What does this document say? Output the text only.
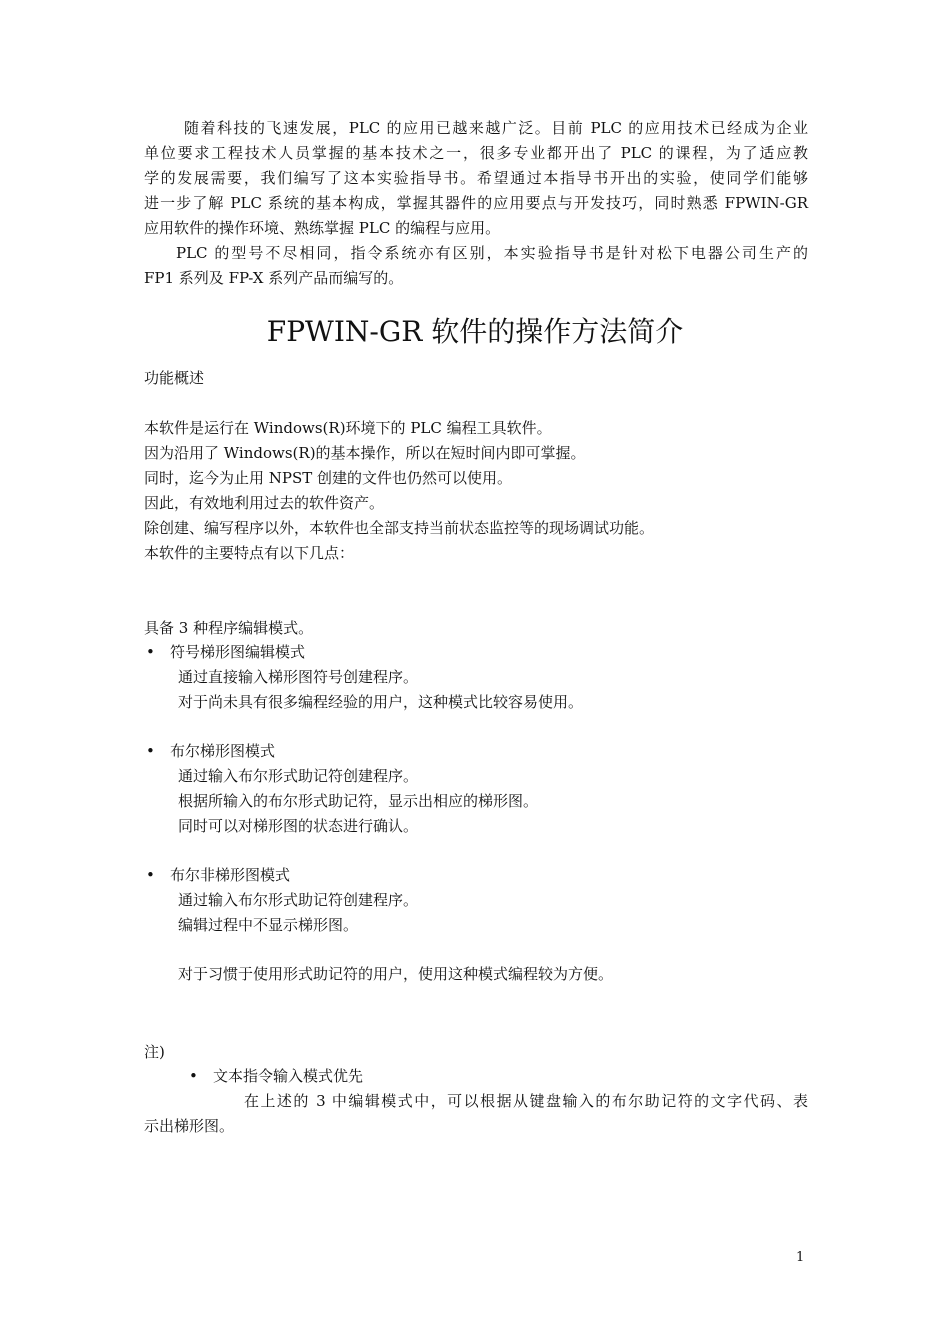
随着科技的飞速发展，PLC 的应用已越来越广泛。目前 PLC 的应用技术已经成为企业
单位要求工程技术人员掌握的基本技术之一，很多专业都开出了 PLC 的课程，为了适应教
学的发展需要，我们编写了这本实验指导书。希望通过本指导书开出的实验，使同学们能够
进一步了解 PLC 系统的基本构成，掌握其器件的应用要点与开发技巧，同时熟悉 FPWIN-GR
应用软件的操作环境、熟练掌握 PLC 的编程与应用。
PLC 的型号不尽相同，指令系统亦有区别，本实验指导书是针对松下电器公司生产的
FP1 系列及 FP-X 系列产品而编写的。
FPWIN-GR 软件的操作方法简介
功能概述
本软件是运行在 Windows(R)环境下的 PLC 编程工具软件。
因为沿用了 Windows(R)的基本操作，所以在短时间内即可掌握。
同时，迄今为止用 NPST 创建的文件也仍然可以使用。
因此，有效地利用过去的软件资产。
除创建、编写程序以外，本软件也全部支持当前状态监控等的现场调试功能。
本软件的主要特点有以下几点：
具备 3 种程序编辑模式。
• 符号梯形图编辑模式
通过直接输入梯形图符号创建程序。
对于尚未具有很多编程经验的用户，这种模式比较容易使用。
• 布尔梯形图模式
通过输入布尔形式助记符创建程序。
根据所输入的布尔形式助记符，显示出相应的梯形图。
同时可以对梯形图的状态进行确认。
• 布尔非梯形图模式
通过输入布尔形式助记符创建程序。
编辑过程中不显示梯形图。
对于习惯于使用形式助记符的用户，使用这种模式编程较为方便。
注)
• 文本指令输入模式优先
在上述的 3 中编辑模式中，可以根据从键盘输入的布尔助记符的文字代码、表
示出梯形图。
1
